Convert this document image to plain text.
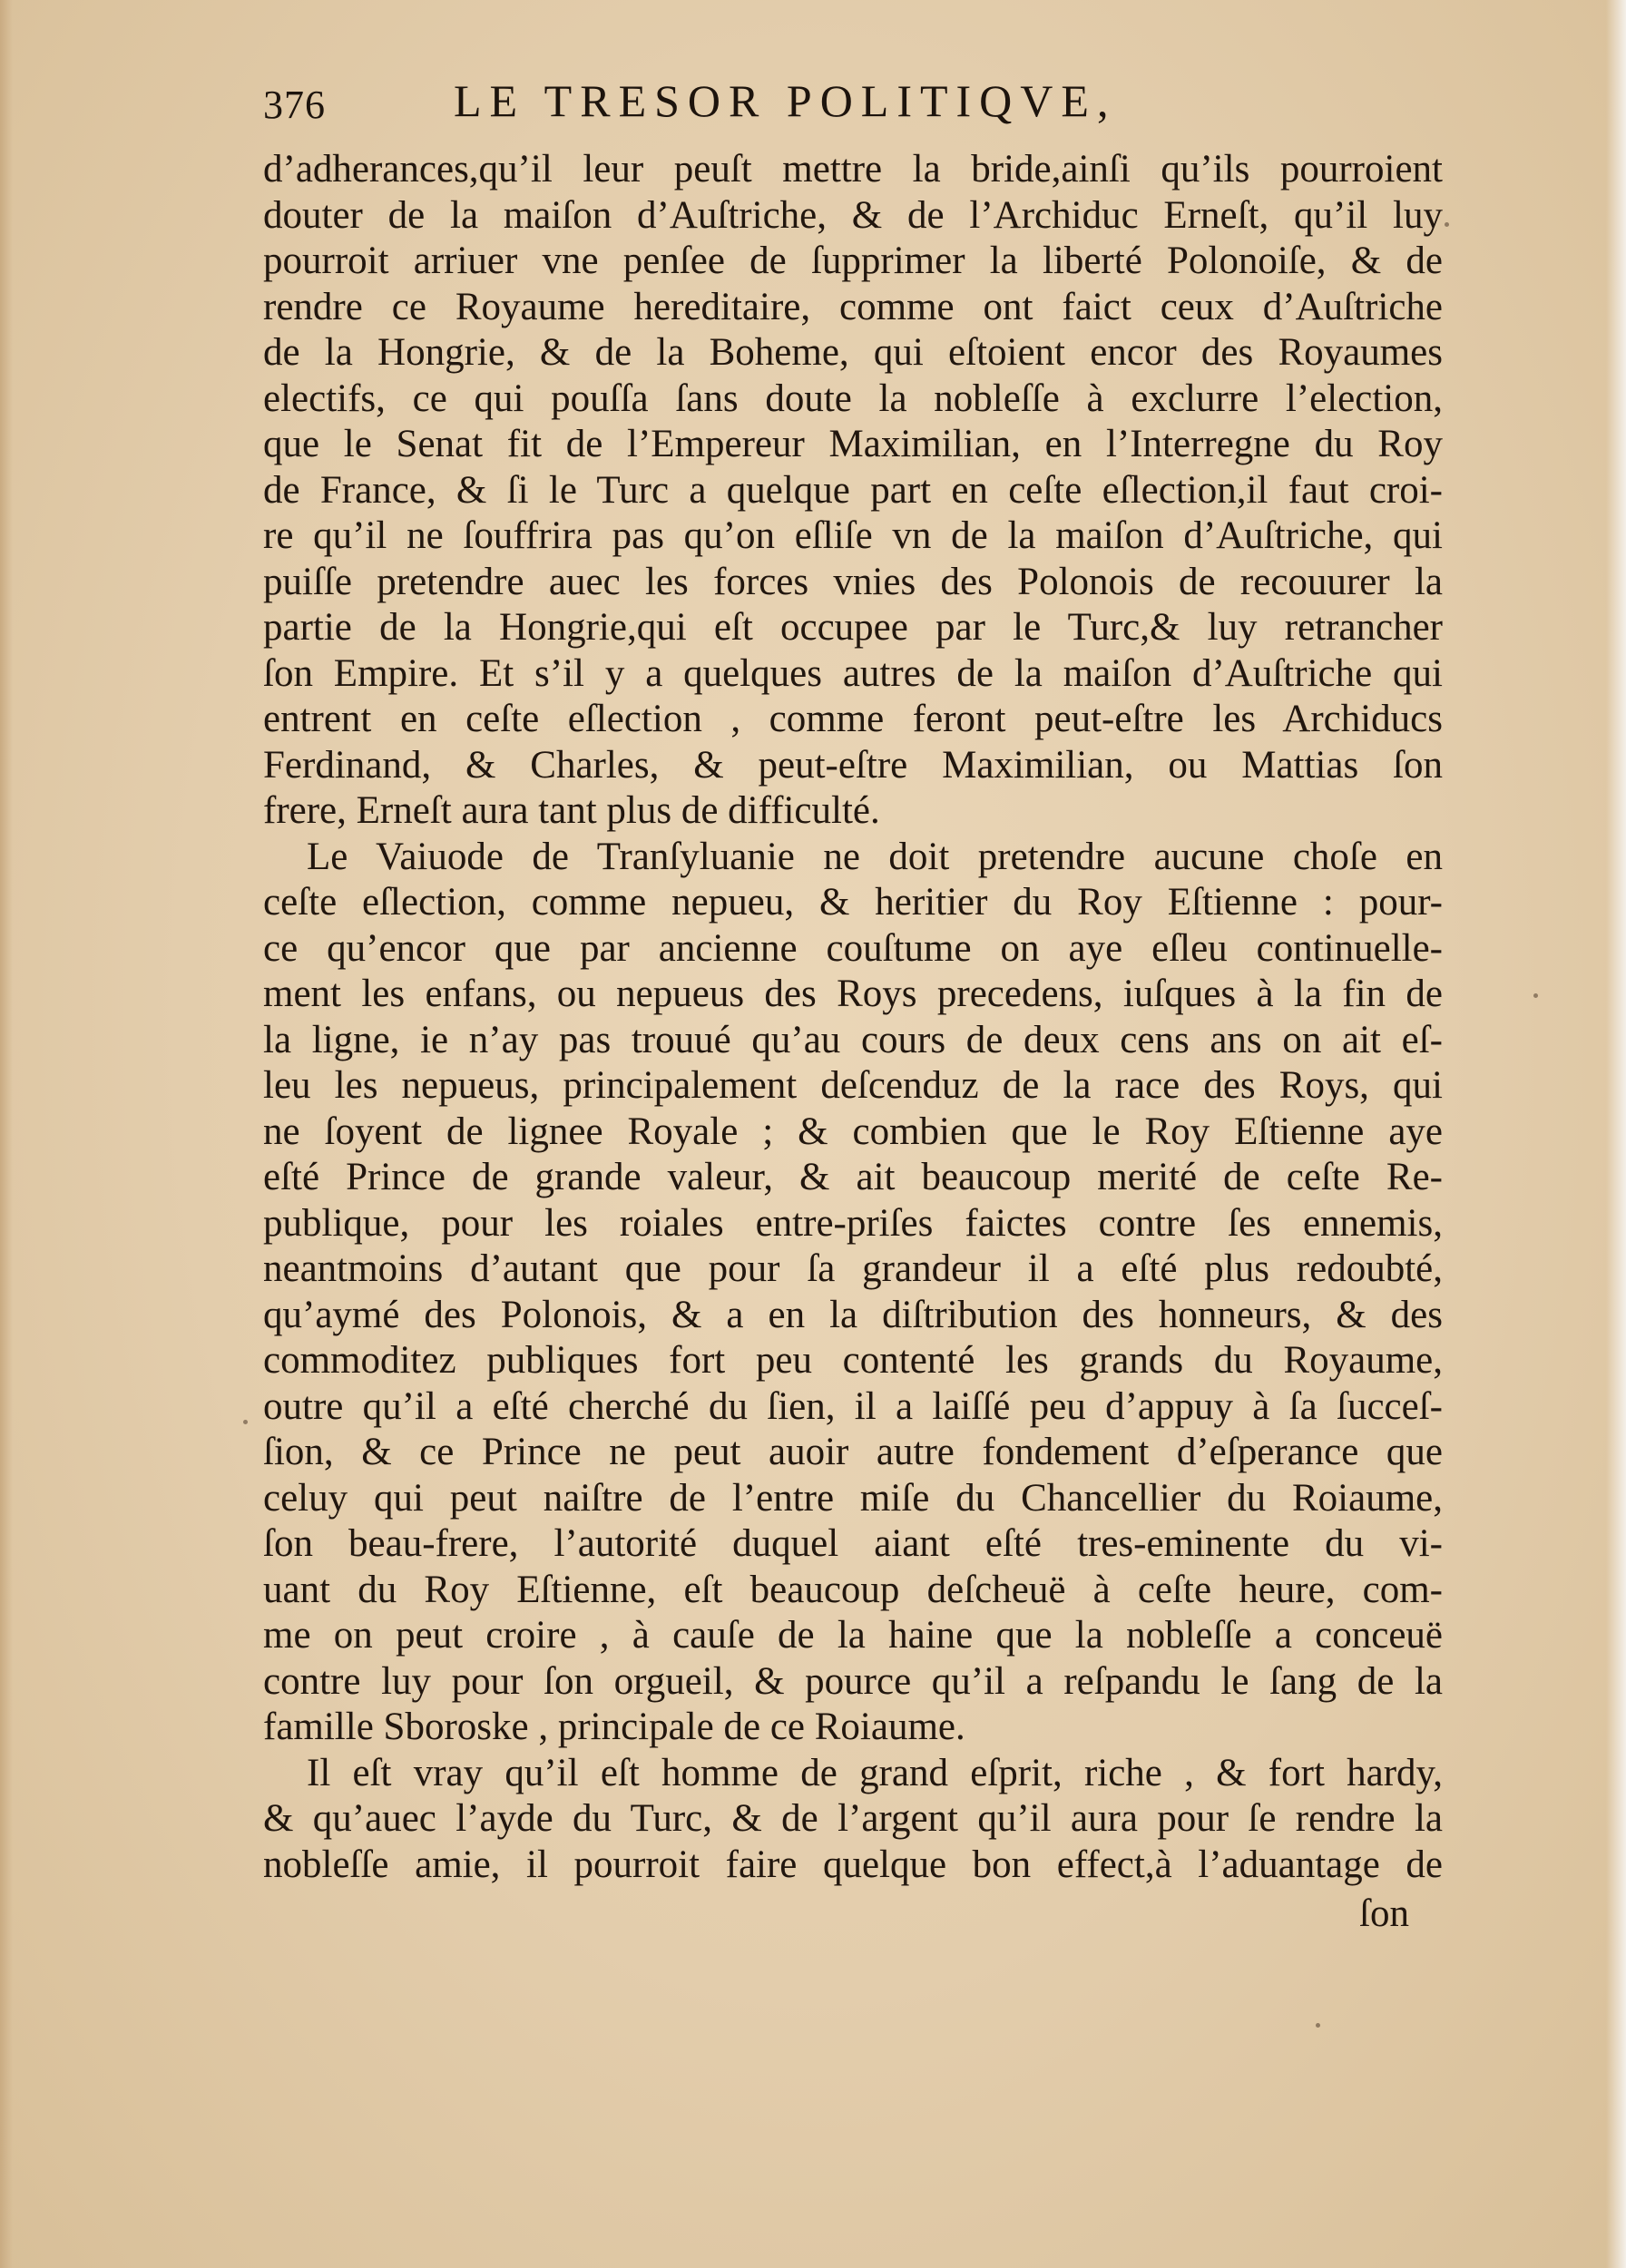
376	LE TRESOR POLITIQVE,
d’adherances,qu’il leur peuſt mettre la bride,ainſi qu’ils pourroient
douter de la maiſon d’Auſtriche, & de l’Archiduc Erneſt, qu’il luy
pourroit arriuer vne penſee de ſupprimer la liberté Polonoiſe, & de
rendre ce Royaume hereditaire, comme ont faict ceux d’Auſtriche
de la Hongrie, & de la Boheme, qui eſtoient encor des Royaumes
electifs, ce qui pouſſa ſans doute la nobleſſe à exclurre l’election,
que le Senat fit de l’Empereur Maximilian, en l’Interregne du Roy
de France, & ſi le Turc a quelque part en ceſte eſlection,il faut croi-
re qu’il ne ſouffrira pas qu’on eſliſe vn de la maiſon d’Auſtriche, qui
puiſſe pretendre auec les forces vnies des Polonois de recouurer la
partie de la Hongrie,qui eſt occupee par le Turc,& luy retrancher
ſon Empire. Et s’il y a quelques autres de la maiſon d’Auſtriche qui
entrent en ceſte eſlection , comme feront peut-eſtre les Archiducs
Ferdinand, & Charles, & peut-eſtre Maximilian, ou Mattias ſon
frere, Erneſt aura tant plus de difficulté.
Le Vaiuode de Tranſyluanie ne doit pretendre aucune choſe en
ceſte eſlection, comme nepueu, & heritier du Roy Eſtienne : pour-
ce qu’encor que par ancienne couſtume on aye eſleu continuelle-
ment les enfans, ou nepueus des Roys precedens, iuſques à la fin de
la ligne, ie n’ay pas trouué qu’au cours de deux cens ans on ait eſ-
leu les nepueus, principalement deſcenduz de la race des Roys, qui
ne ſoyent de lignee Royale ; & combien que le Roy Eſtienne aye
eſté Prince de grande valeur, & ait beaucoup merité de ceſte Re-
publique, pour les roiales entre-priſes faictes contre ſes ennemis,
neantmoins d’autant que pour ſa grandeur il a eſté plus redoubté,
qu’aymé des Polonois, & a en la diſtribution des honneurs, & des
commoditez publiques fort peu contenté les grands du Royaume,
outre qu’il a eſté cherché du ſien, il a laiſſé peu d’appuy à ſa ſucceſ-
ſion, & ce Prince ne peut auoir autre fondement d’eſperance que
celuy qui peut naiſtre de l’entre miſe du Chancellier du Roiaume,
ſon beau-frere, l’autorité duquel aiant eſté tres-eminente du vi-
uant du Roy Eſtienne, eſt beaucoup deſcheuë à ceſte heure, com-
me on peut croire , à cauſe de la haine que la nobleſſe a conceuë
contre luy pour ſon orgueil, & pource qu’il a reſpandu le ſang de la
famille Sboroske , principale de ce Roiaume.
Il eſt vray qu’il eſt homme de grand eſprit, riche , & fort hardy,
& qu’auec l’ayde du Turc, & de l’argent qu’il aura pour ſe rendre la
nobleſſe amie, il pourroit faire quelque bon effect,à l’aduantage de
ſon
